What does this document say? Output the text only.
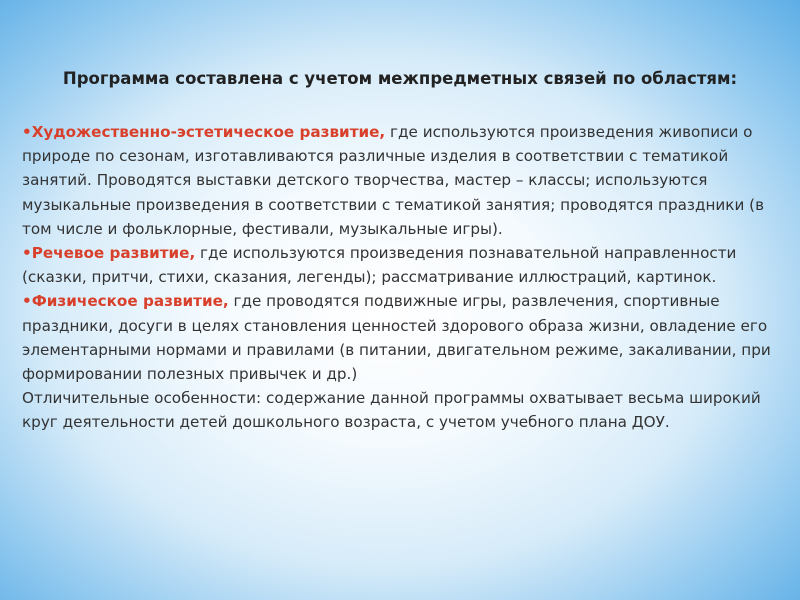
Программа составлена с учетом межпредметных связей по областям:

•Художественно-эстетическое развитие, где используются произведения живописи о природе по сезонам, изготавливаются различные изделия в соответствии с тематикой занятий. Проводятся выставки детского творчества, мастер – классы; используются музыкальные произведения в соответствии с тематикой занятия; проводятся праздники (в том числе и фольклорные, фестивали, музыкальные игры).

•Речевое развитие, где используются произведения познавательной направленности (сказки, притчи, стихи, сказания, легенды); рассматривание иллюстраций, картинок.

•Физическое развитие, где проводятся подвижные игры, развлечения, спортивные праздники, досуги в целях становления ценностей здорового образа жизни, овладение его элементарными нормами и правилами (в питании, двигательном режиме, закаливании, при формировании полезных привычек и др.)

Отличительные особенности: содержание данной программы охватывает весьма широкий круг деятельности детей дошкольного возраста, с учетом учебного плана ДОУ.
